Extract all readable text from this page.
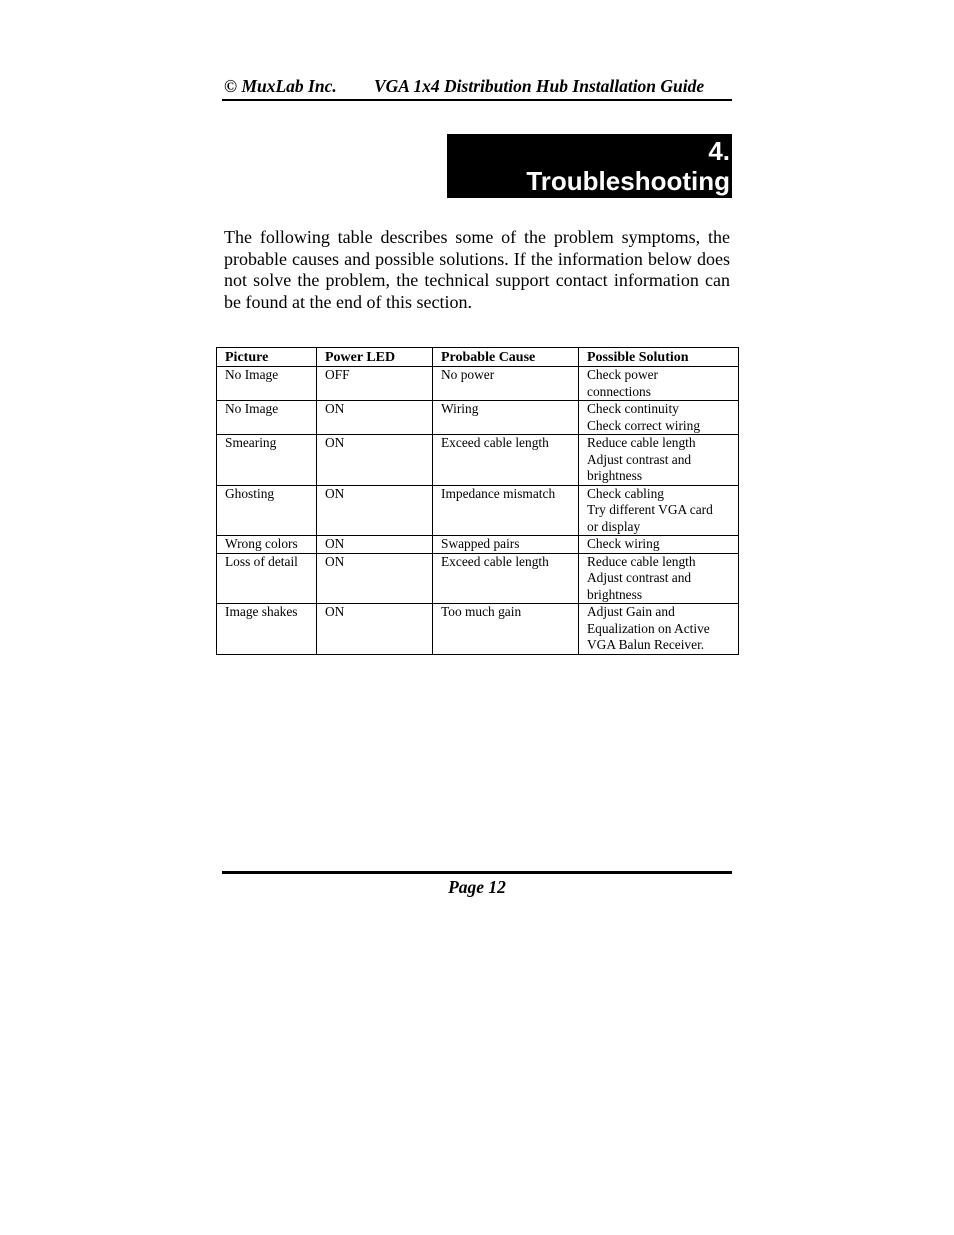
© MuxLab Inc. VGA 1x4 Distribution Hub Installation Guide
4.
Troubleshooting

The following table describes some of the problem symptoms, the probable causes and possible solutions. If the information below does not solve the problem, the technical support contact information can be found at the end of this section.

Picture	Power LED	Probable Cause	Possible Solution
No Image	OFF	No power	Check power
connections

No Image	ON	Wiring	Check continuity
Check correct wiring

Smearing	ON	Exceed cable length	Reduce cable length
Adjust contrast and
brightness

Ghosting	ON	Impedance mismatch	Check cabling
Try different VGA card
or display

Wrong colors	ON	Swapped pairs	Check wiring

Loss of detail	ON	Exceed cable length	Reduce cable length
Adjust contrast and
brightness

Image shakes	ON	Too much gain	Adjust Gain and
Equalization on Active
VGA Balun Receiver.
Page 12
